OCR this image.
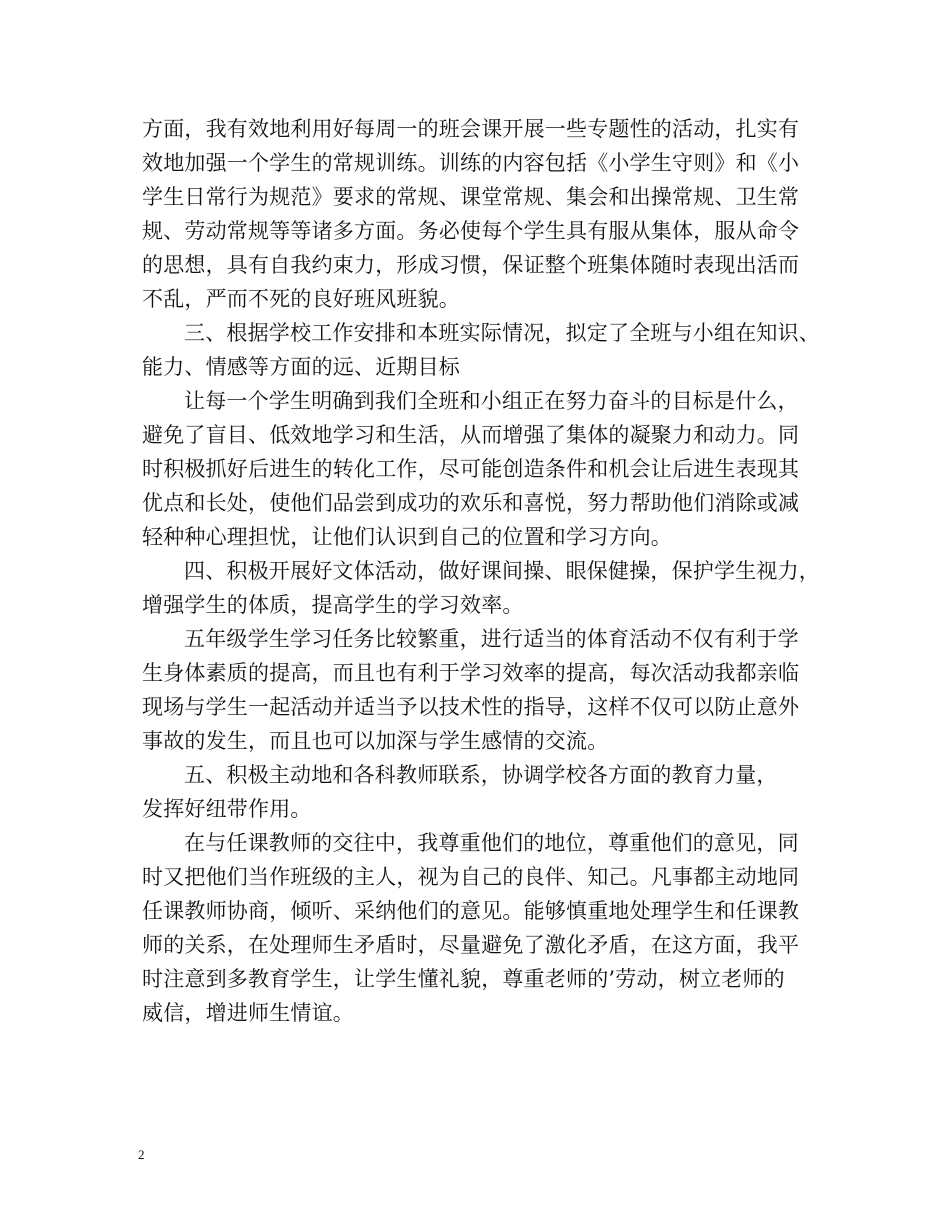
方面，我有效地利用好每周一的班会课开展一些专题性的活动，扎实有
效地加强一个学生的常规训练。训练的内容包括《小学生守则》和《小
学生日常行为规范》要求的常规、课堂常规、集会和出操常规、卫生常
规、劳动常规等等诸多方面。务必使每个学生具有服从集体，服从命令
的思想，具有自我约束力，形成习惯，保证整个班集体随时表现出活而
不乱，严而不死的良好班风班貌。
三、根据学校工作安排和本班实际情况，拟定了全班与小组在知识、
能力、情感等方面的远、近期目标
让每一个学生明确到我们全班和小组正在努力奋斗的目标是什么，
避免了盲目、低效地学习和生活，从而增强了集体的凝聚力和动力。同
时积极抓好后进生的转化工作，尽可能创造条件和机会让后进生表现其
优点和长处，使他们品尝到成功的欢乐和喜悦，努力帮助他们消除或减
轻种种心理担忧，让他们认识到自己的位置和学习方向。
四、积极开展好文体活动，做好课间操、眼保健操，保护学生视力，
增强学生的体质，提高学生的学习效率。
五年级学生学习任务比较繁重，进行适当的体育活动不仅有利于学
生身体素质的提高，而且也有利于学习效率的提高，每次活动我都亲临
现场与学生一起活动并适当予以技术性的指导，这样不仅可以防止意外
事故的发生，而且也可以加深与学生感情的交流。
五、积极主动地和各科教师联系，协调学校各方面的教育力量，
发挥好纽带作用。
在与任课教师的交往中，我尊重他们的地位，尊重他们的意见，同
时又把他们当作班级的主人，视为自己的良伴、知己。凡事都主动地同
任课教师协商，倾听、采纳他们的意见。能够慎重地处理学生和任课教
师的关系，在处理师生矛盾时，尽量避免了激化矛盾，在这方面，我平
时注意到多教育学生，让学生懂礼貌，尊重老师的’劳动，树立老师的
威信，增进师生情谊。
2
